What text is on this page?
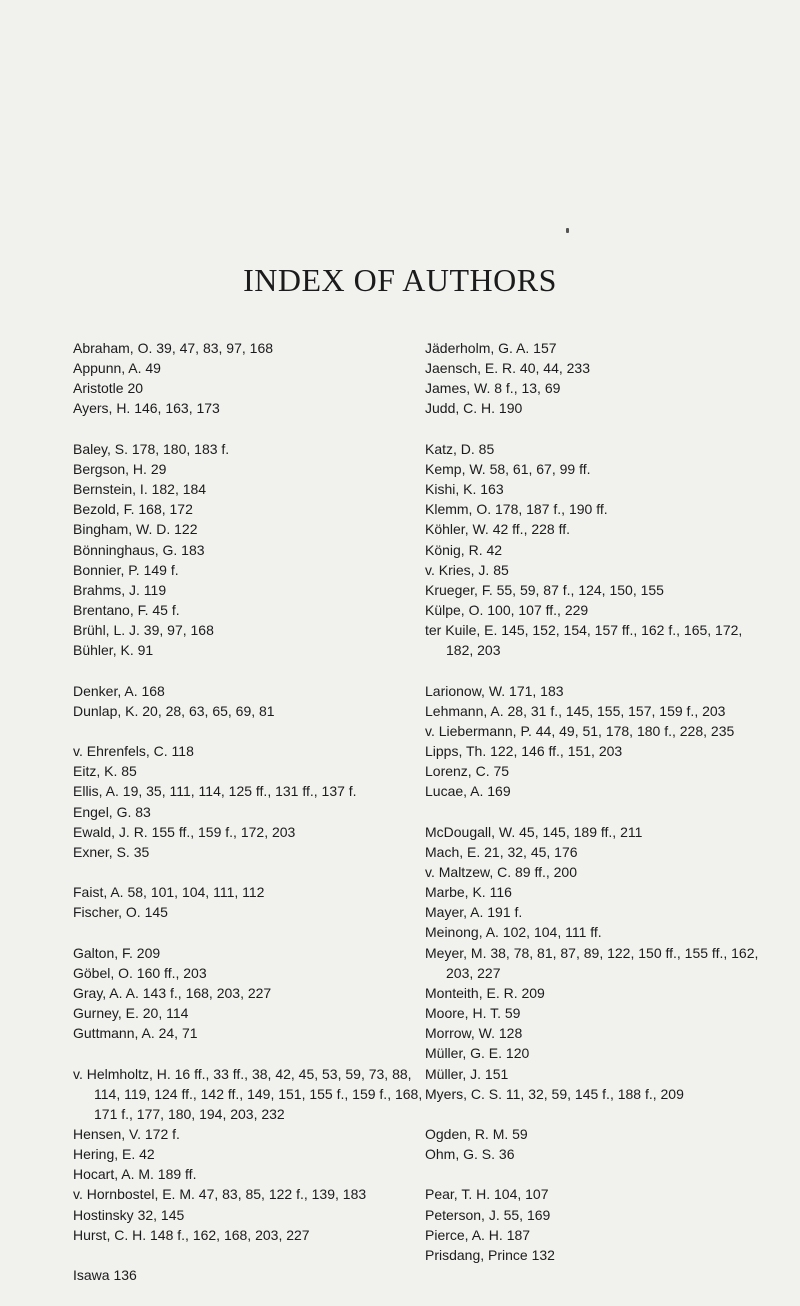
INDEX OF AUTHORS
Abraham, O. 39, 47, 83, 97, 168
Appunn, A. 49
Aristotle 20
Ayers, H. 146, 163, 173
Baley, S. 178, 180, 183 f.
Bergson, H. 29
Bernstein, I. 182, 184
Bezold, F. 168, 172
Bingham, W. D. 122
Bönninghaus, G. 183
Bonnier, P. 149 f.
Brahms, J. 119
Brentano, F. 45 f.
Brühl, L. J. 39, 97, 168
Bühler, K. 91
Denker, A. 168
Dunlap, K. 20, 28, 63, 65, 69, 81
v. Ehrenfels, C. 118
Eitz, K. 85
Ellis, A. 19, 35, 111, 114, 125 ff., 131 ff., 137 f.
Engel, G. 83
Ewald, J. R. 155 ff., 159 f., 172, 203
Exner, S. 35
Faist, A. 58, 101, 104, 111, 112
Fischer, O. 145
Galton, F. 209
Göbel, O. 160 ff., 203
Gray, A. A. 143 f., 168, 203, 227
Gurney, E. 20, 114
Guttmann, A. 24, 71
v. Helmholtz, H. 16 ff., 33 ff., 38, 42, 45, 53, 59, 73, 88, 114, 119, 124 ff., 142 ff., 149, 151, 155 f., 159 f., 168, 171 f., 177, 180, 194, 203, 232
Hensen, V. 172 f.
Hering, E. 42
Hocart, A. M. 189 ff.
v. Hornbostel, E. M. 47, 83, 85, 122 f., 139, 183
Hostinsky 32, 145
Hurst, C. H. 148 f., 162, 168, 203, 227
Isawa 136
Jäderholm, G. A. 157
Jaensch, E. R. 40, 44, 233
James, W. 8 f., 13, 69
Judd, C. H. 190
Katz, D. 85
Kemp, W. 58, 61, 67, 99 ff.
Kishi, K. 163
Klemm, O. 178, 187 f., 190 ff.
Köhler, W. 42 ff., 228 ff.
König, R. 42
v. Kries, J. 85
Krueger, F. 55, 59, 87 f., 124, 150, 155
Külpe, O. 100, 107 ff., 229
ter Kuile, E. 145, 152, 154, 157 ff., 162 f., 165, 172, 182, 203
Larionow, W. 171, 183
Lehmann, A. 28, 31 f., 145, 155, 157, 159 f., 203
v. Liebermann, P. 44, 49, 51, 178, 180 f., 228, 235
Lipps, Th. 122, 146 ff., 151, 203
Lorenz, C. 75
Lucae, A. 169
McDougall, W. 45, 145, 189 ff., 211
Mach, E. 21, 32, 45, 176
v. Maltzew, C. 89 ff., 200
Marbe, K. 116
Mayer, A. 191 f.
Meinong, A. 102, 104, 111 ff.
Meyer, M. 38, 78, 81, 87, 89, 122, 150 ff., 155 ff., 162, 203, 227
Monteith, E. R. 209
Moore, H. T. 59
Morrow, W. 128
Müller, G. E. 120
Müller, J. 151
Myers, C. S. 11, 32, 59, 145 f., 188 f., 209
Ogden, R. M. 59
Ohm, G. S. 36
Pear, T. H. 104, 107
Peterson, J. 55, 169
Pierce, A. H. 187
Prisdang, Prince 132
